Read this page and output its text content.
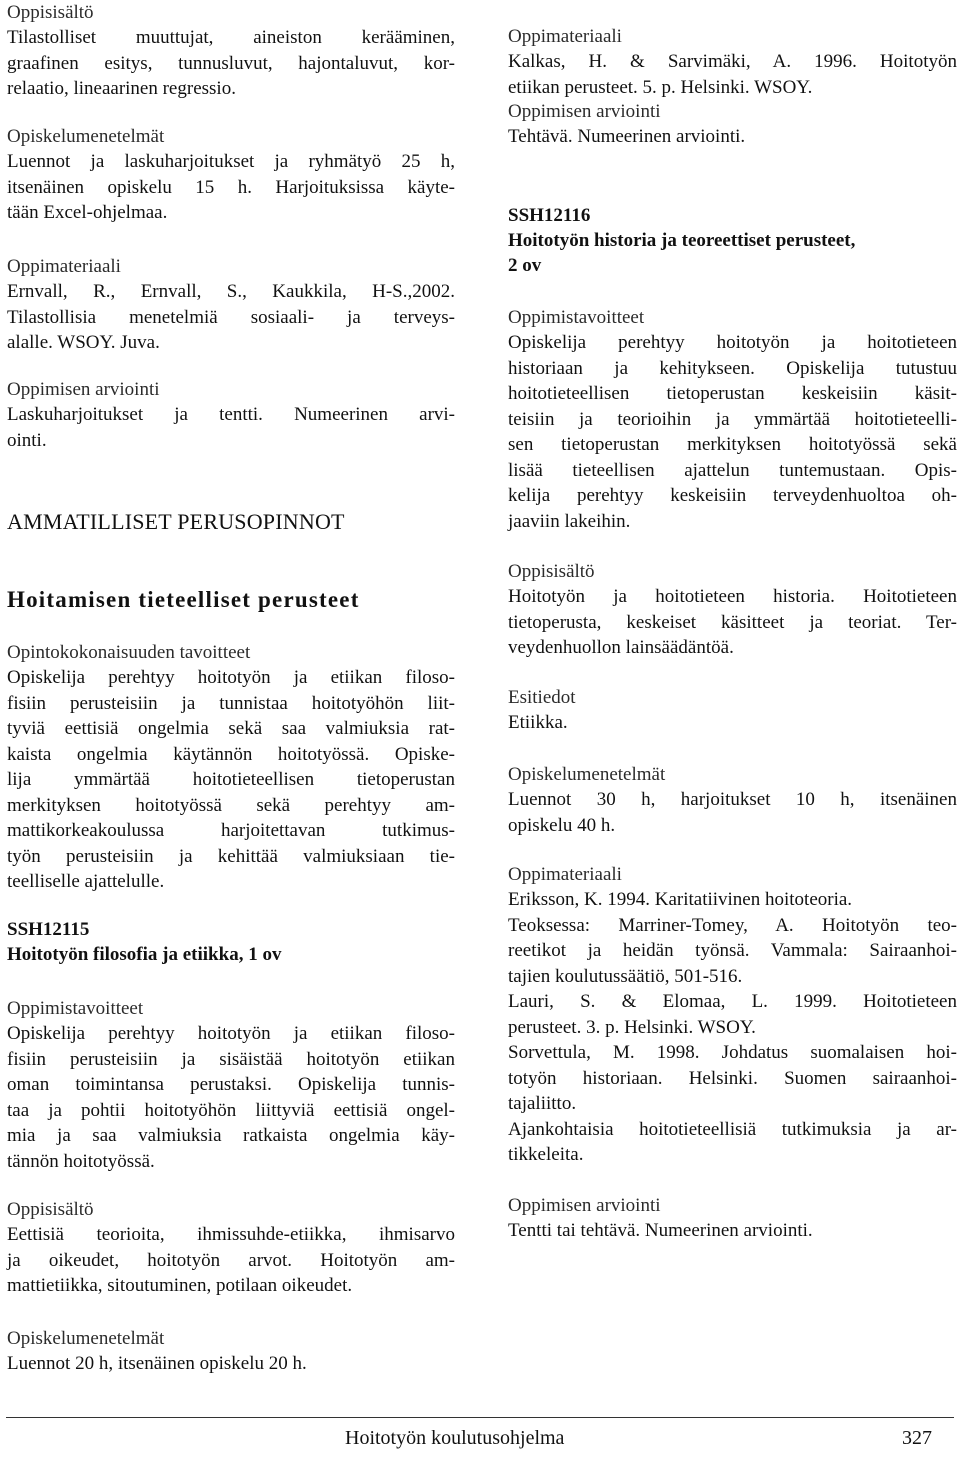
Oppisisältö
Tilastolliset muuttujat, aineiston kerääminen,
graafinen esitys, tunnusluvut, hajontaluvut, kor-
relaatio, lineaarinen regressio.
Opiskelumenetelmät
Luennot ja laskuharjoitukset ja ryhmätyö 25 h,
itsenäinen opiskelu 15 h. Harjoituksissa käyte-
tään Excel-ohjelmaa.
Oppimateriaali
Ernvall, R., Ernvall, S., Kaukkila, H-S.,2002.
Tilastollisia menetelmiä sosiaali- ja terveys-
alalle. WSOY. Juva.
Oppimisen arviointi
Laskuharjoitukset ja tentti. Numeerinen arvi-
ointi.
AMMATILLISET PERUSOPINNOT
Hoitamisen tieteelliset perusteet
Opintokokonaisuuden tavoitteet
Opiskelija perehtyy hoitotyön ja etiikan filoso-
fisiin perusteisiin ja tunnistaa hoitotyöhön liit-
tyviä eettisiä ongelmia sekä saa valmiuksia rat-
kaista ongelmia käytännön hoitotyössä. Opiske-
lija ymmärtää hoitotieteellisen tietoperustan
merkityksen hoitotyössä sekä perehtyy am-
mattikorkeakoulussa harjoitettavan tutkimus-
työn perusteisiin ja kehittää valmiuksiaan tie-
teelliselle ajattelulle.
SSH12115
Hoitotyön filosofia ja etiikka, 1 ov
Oppimistavoitteet
Opiskelija perehtyy hoitotyön ja etiikan filoso-
fisiin perusteisiin ja sisäistää hoitotyön etiikan
oman toimintansa perustaksi. Opiskelija tunnis-
taa ja pohtii hoitotyöhön liittyviä eettisiä ongel-
mia ja saa valmiuksia ratkaista ongelmia käy-
tännön hoitotyössä.
Oppisisältö
Eettisiä teorioita, ihmissuhde-etiikka, ihmisarvo
ja oikeudet, hoitotyön arvot. Hoitotyön am-
mattietiikka, sitoutuminen, potilaan oikeudet.
Opiskelumenetelmät
Luennot 20 h, itsenäinen opiskelu 20 h.
Oppimateriaali
Kalkas, H. & Sarvimäki, A. 1996. Hoitotyön
etiikan perusteet. 5. p. Helsinki. WSOY.
Oppimisen arviointi
Tehtävä. Numeerinen arviointi.
SSH12116
Hoitotyön historia ja teoreettiset perusteet,
2 ov
Oppimistavoitteet
Opiskelija perehtyy hoitotyön ja hoitotieteen
historiaan ja kehitykseen. Opiskelija tutustuu
hoitotieteellisen tietoperustan keskeisiin käsit-
teisiin ja teorioihin ja ymmärtää hoitotieteelli-
sen tietoperustan merkityksen hoitotyössä sekä
lisää tieteellisen ajattelun tuntemustaan. Opis-
kelija perehtyy keskeisiin terveydenhuoltoa oh-
jaaviin lakeihin.
Oppisisältö
Hoitotyön ja hoitotieteen historia. Hoitotieteen
tietoperusta, keskeiset käsitteet ja teoriat. Ter-
veydenhuollon lainsäädäntöä.
Esitiedot
Etiikka.
Opiskelumenetelmät
Luennot 30 h, harjoitukset 10 h, itsenäinen
opiskelu 40 h.
Oppimateriaali
Eriksson, K. 1994. Karitatiivinen hoitoteoria.
Teoksessa: Marriner-Tomey, A. Hoitotyön teo-
reetikot ja heidän työnsä. Vammala: Sairaanhoi-
tajien koulutussäätiö, 501-516.
Lauri, S. & Elomaa, L. 1999. Hoitotieteen
perusteet. 3. p. Helsinki. WSOY.
Sorvettula, M. 1998. Johdatus suomalaisen hoi-
totyön historiaan. Helsinki. Suomen sairaanhoi-
tajaliitto.
Ajankohtaisia hoitotieteellisiä tutkimuksia ja ar-
tikkeleita.
Oppimisen arviointi
Tentti tai tehtävä. Numeerinen arviointi.
Hoitotyön koulutusohjelma	327
